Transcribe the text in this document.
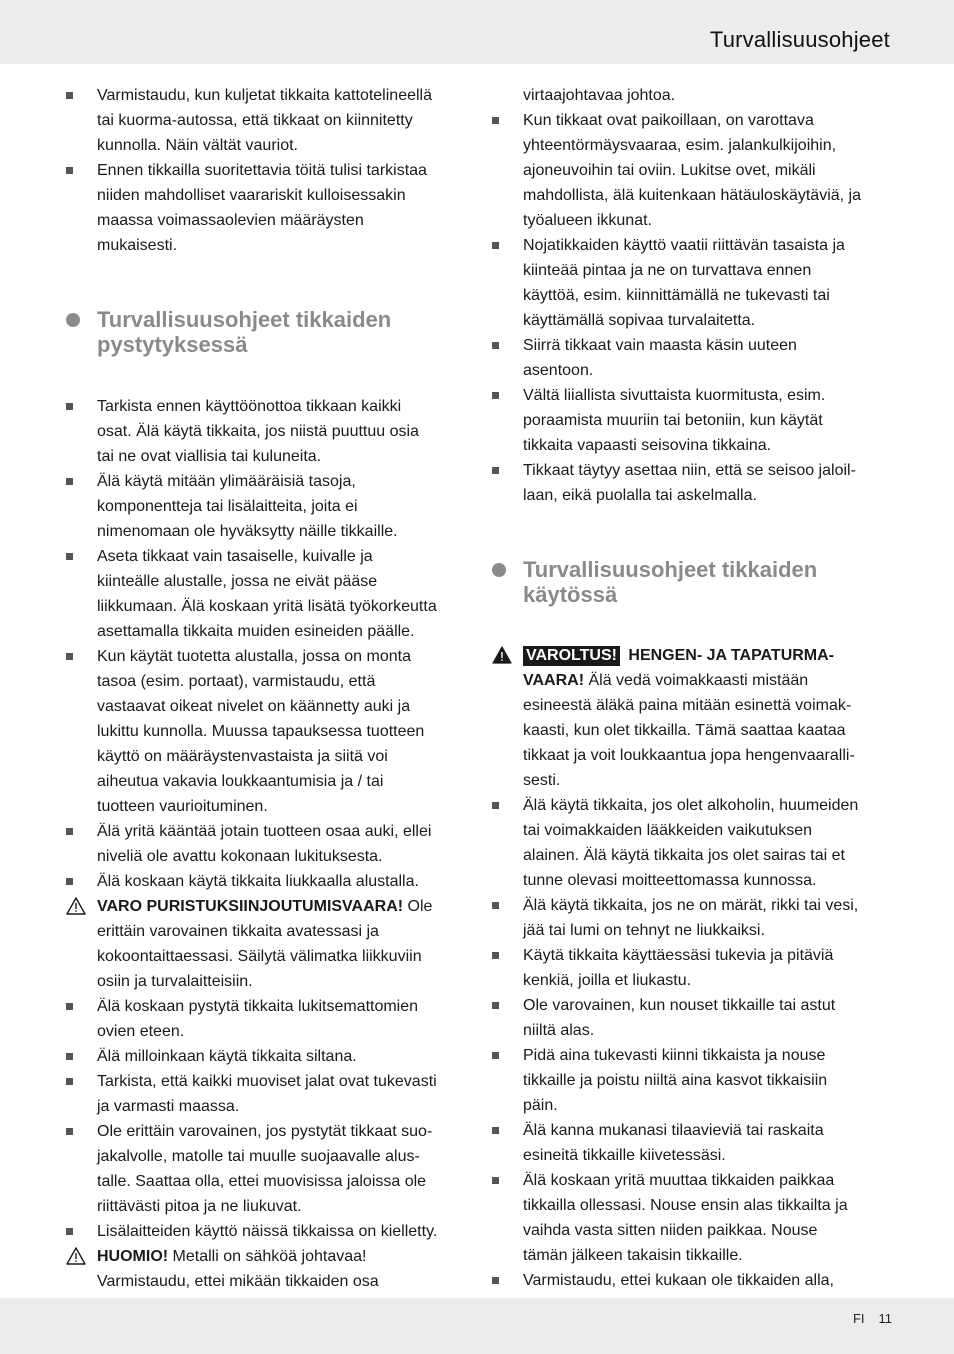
Turvallisuusohjeet
Varmistaudu, kun kuljetat tikkaita kattotelineellä tai kuorma-autossa, että tikkaat on kiinnitetty kunnolla. Näin vältät vauriot.
Ennen tikkailla suoritettavia töitä tulisi tarkistaa niiden mahdolliset vaarariskit kulloisessakin maassa voimassaolevien määräysten mukaisesti.
Turvallisuusohjeet tikkaiden pystytyksessä
Tarkista ennen käyttöönottoa tikkaan kaikki osat. Älä käytä tikkaita, jos niistä puuttuu osia tai ne ovat viallisia tai kuluneita.
Älä käytä mitään ylimääräisiä tasoja, komponentteja tai lisälaitteita, joita ei nimenomaan ole hyväksytty näille tikkaille.
Aseta tikkaat vain tasaiselle, kuivalle ja kiinteälle alustalle, jossa ne eivät pääse liikkumaan. Älä koskaan yritä lisätä työkorkeutta asettamalla tikkaita muiden esineiden päälle.
Kun käytät tuotetta alustalla, jossa on monta tasoa (esim. portaat), varmistaudu, että vastaavat oikeat nivelet on käännetty auki ja lukittu kunnolla. Muussa tapauksessa tuotteen käyttö on määräystenvastaista ja siitä voi aiheutua vakavia loukkaantumisia ja / tai tuotteen vaurioituminen.
Älä yritä kääntää jotain tuotteen osaa auki, ellei niveliä ole avattu kokonaan lukituksesta.
Älä koskaan käytä tikkaita liukkaalla alustalla.
VARO PURISTUKSIINJOUTUMISVAARA! Ole erittäin varovainen tikkaita avatessasi ja kokoontaittaessasi. Säilytä välimatka liikkuviin osiin ja turvalaitteisiin.
Älä koskaan pystytä tikkaita lukitsemattomien ovien eteen.
Älä milloinkaan käytä tikkaita siltana.
Tarkista, että kaikki muoviset jalat ovat tukevasti ja varmasti maassa.
Ole erittäin varovainen, jos pystytät tikkaat suojakalvolle, matolle tai muulle suojaavalle alustalle. Saattaa olla, ettei muovisissa jaloissa ole riittävästi pitoa ja ne liukuvat.
Lisälaitteiden käyttö näissä tikkaissa on kielletty.
HUOMIO! Metalli on sähköä johtavaa! Varmistaudu, ettei mikään tikkaiden osa
virtaajohtavaa johtoa.
Kun tikkaat ovat paikoillaan, on varottava yhteentörmäysvaaraa, esim. jalankulkijoihin, ajoneuvoihin tai oviin. Lukitse ovet, mikäli mahdollista, älä kuitenkaan hätäuloskäytäviä, ja työalueen ikkunat.
Nojatikkaiden käyttö vaatii riittävän tasaista ja kiinteää pintaa ja ne on turvattava ennen käyttöä, esim. kiinnittämällä ne tukevasti tai käyttämällä sopivaa turvalaitetta.
Siirrä tikkaat vain maasta käsin uuteen asentoon.
Vältä liiallista sivuttaista kuormitusta, esim. poraamista muuriin tai betoniin, kun käytät tikkaita vapaasti seisovina tikkaina.
Tikkaat täytyy asettaa niin, että se seisoo jaloillaan, eikä puolalla tai askelmalla.
Turvallisuusohjeet tikkaiden käytössä
VAROLTUS! HENGEN- JA TAPATURMAVAARA! Älä vedä voimakkaasti mistään esineestä äläkä paina mitään esinettä voimakkaasti, kun olet tikkailla. Tämä saattaa kaataa tikkaat ja voit loukkaantua jopa hengenvaarallisesti.
Älä käytä tikkaita, jos olet alkoholin, huumeiden tai voimakkaiden lääkkeiden vaikutuksen alainen. Älä käytä tikkaita jos olet sairas tai et tunne olevasi moitteettomassa kunnossa.
Älä käytä tikkaita, jos ne on märät, rikki tai vesi, jää tai lumi on tehnyt ne liukkaiksi.
Käytä tikkaita käyttäessäsi tukevia ja pitäviä kenkiä, joilla et liukastu.
Ole varovainen, kun nouset tikkaille tai astut niiltä alas.
Pidä aina tukevasti kiinni tikkaista ja nouse tikkaille ja poistu niiltä aina kasvot tikkaisiin päin.
Älä kanna mukanasi tilaavieviä tai raskaita esineitä tikkaille kiivetessäsi.
Älä koskaan yritä muuttaa tikkaiden paikkaa tikkailla ollessasi. Nouse ensin alas tikkailta ja vaihda vasta sitten niiden paikkaa. Nouse tämän jälkeen takaisin tikkaille.
Varmistaudu, ettei kukaan ole tikkaiden alla,
FI 11
